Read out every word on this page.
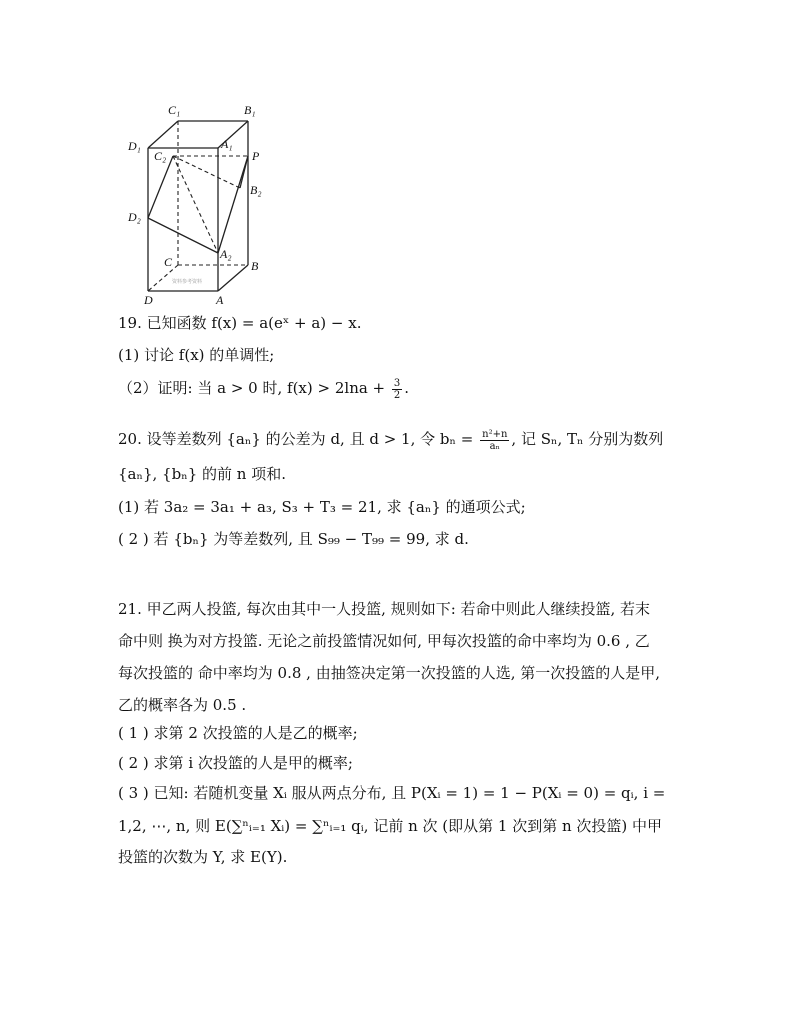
C₁	B₁
D₁	A₁
C₂	P
B₂
D₂
A₂
B
C
D	A
资料参考资料
19. 已知函数 f(x) = a(eˣ + a) − x.
(1) 讨论 f(x) 的单调性;
（2）证明: 当 a > 0 时, $f(x) > 2\ln a + \frac{3}{2}$ .
20. 设等差数列 {aₙ} 的公差为 d, 且 d > 1, 令 $b_n = \frac{\text{n²+n}}{\text{aₙ}}$ , 记 Sₙ, Tₙ 分别为数列
{aₙ}, {bₙ} 的前 n 项和.
(1) 若 3a₂ = 3a₁ + a₃, S₃ + T₃ = 21, 求 {aₙ} 的通项公式;
( 2 ) 若 {bₙ} 为等差数列, 且 S₉₉ − T₉₉ = 99, 求 d.
21. 甲乙两人投篮, 每次由其中一人投篮, 规则如下: 若命中则此人继续投篮, 若末
命中则 换为对方投篮. 无论之前投篮情况如何, 甲每次投篮的命中率均为 0.6 , 乙
每次投篮的 命中率均为 0.8 , 由抽签决定第一次投篮的人选, 第一次投篮的人是甲,
乙的概率各为 0.5 .
( 1 ) 求第 2 次投篮的人是乙的概率;
( 2 ) 求第 i 次投篮的人是甲的概率;
( 3 ) 已知: 若随机变量 Xᵢ 服从两点分布, 且 P(Xᵢ = 1) = 1 − P(Xᵢ = 0) = qᵢ, i =
1,2, ⋯, n, 则 E(∑ⁿᵢ₌₁ Xᵢ) = ∑ⁿᵢ₌₁ qᵢ, 记前 n 次 (即从第 1 次到第 n 次投篮) 中甲
投篮的次数为 Y, 求 E(Y).
